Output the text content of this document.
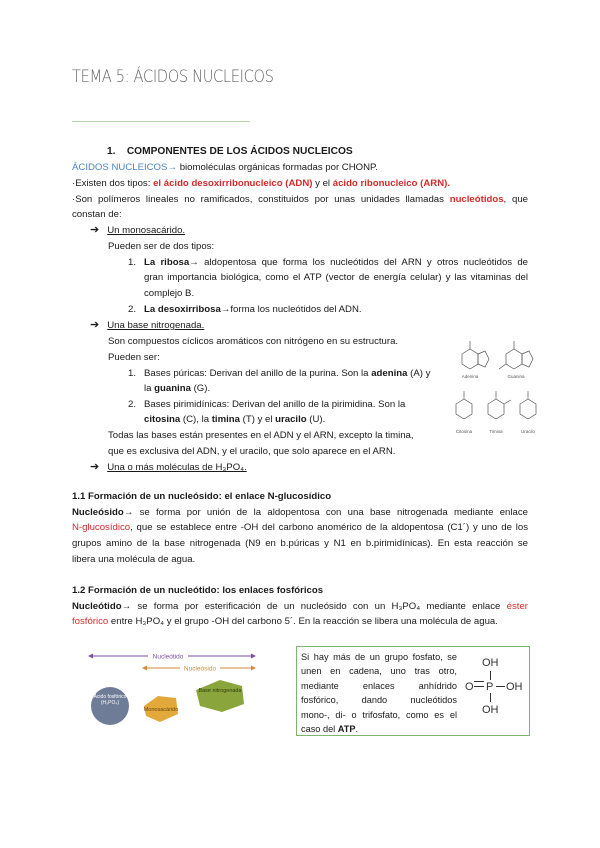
TEMA 5: ÁCIDOS NUCLEICOS
1. COMPONENTES DE LOS ÁCIDOS NUCLEICOS
ÁCIDOS NUCLEICOS→ biomoléculas orgánicas formadas por CHONP.
·Existen dos tipos: el ácido desoxirribonucleico (ADN) y el ácido ribonucleico (ARN).
·Son polímeros lineales no ramificados, constituidos por unas unidades llamadas nucleótidos, que
constan de:
➔ Un monosacárido.
Pueden ser de dos tipos:
1. La ribosa→ aldopentosa que forma los nucleótidos del ARN y otros nucleótidos de
gran importancia biológica, como el ATP (vector de energía celular) y las vitaminas del
complejo B.
2. La desoxirribosa→forma los nucleótidos del ADN.
➔ Una base nitrogenada.
Son compuestos cíclicos aromáticos con nitrógeno en su estructura.
Pueden ser:
1. Bases púricas: Derivan del anillo de la purina. Son la adenina (A) y
la guanina (G).
2. Bases pirimidínicas: Derivan del anillo de la pirimidina. Son la
citosina (C), la timina (T) y el uracilo (U).
Todas las bases están presentes en el ADN y el ARN, excepto la timina,
que es exclusiva del ADN, y el uracilo, que solo aparece en el ARN.
➔ Una o más moléculas de H₃PO₄.
Adenina	Guanina
Citosina	Timina	Uracilo
1.1 Formación de un nucleósido: el enlace N-glucosídico
Nucleósido→ se forma por unión de la aldopentosa con una base nitrogenada mediante enlace
N-glucosídico, que se establece entre -OH del carbono anomérico de la aldopentosa (C1´) y uno de los
grupos amino de la base nitrogenada (N9 en b.púricas y N1 en b.pirimidínicas). En esta reacción se
libera una molécula de agua.
1.2 Formación de un nucleótido: los enlaces fosfóricos
Nucleótido→ se forma por esterificación de un nucleósido con un H₃PO₄ mediante enlace éster
fosfórico entre H₃PO₄ y el grupo -OH del carbono 5´. En la reacción se libera una molécula de agua.
Nucleótido
Nucleósido
Ácido fosfórico (H₃PO₄)
Monosacárido
Base nitrogenada
Si hay más de un grupo fosfato, se
unen en cadena, uno tras otro,
mediante enlaces anhídrido
fosfórico, dando nucleótidos
mono-, di- o trifosfato, como es el
caso del ATP.
OH
O P OH
OH
